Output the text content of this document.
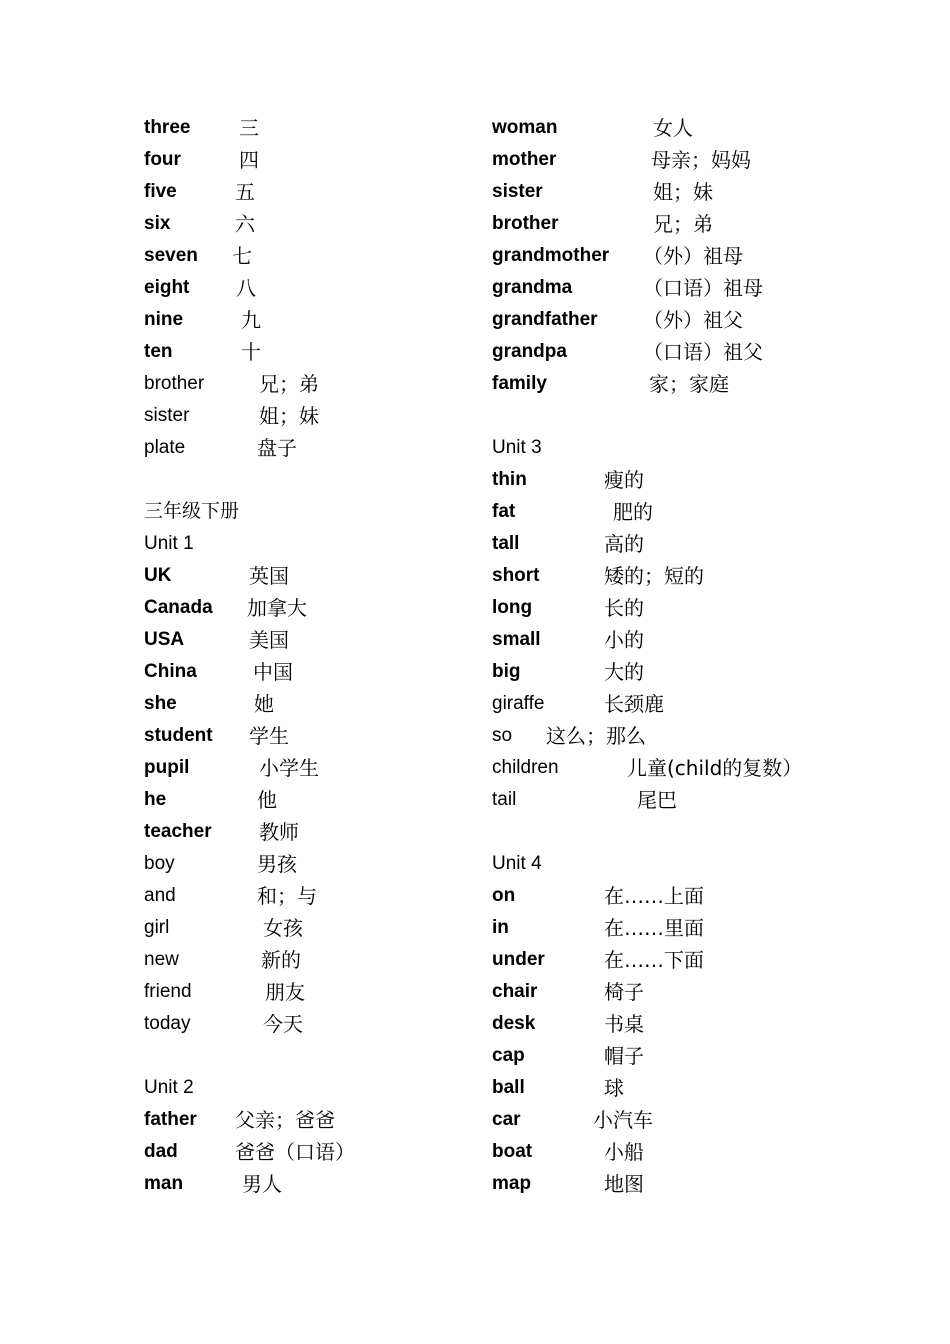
three 三
four	四
five	五
six	六
seven 七
eight 八
nine	九
ten	十
brother	兄；弟
sister	姐；妹
plate	盘子
三年级下册
Unit 1
UK	英国
Canada 加拿大
USA	美国
China	中国
she	她
student 学生
pupil	小学生
he	他
teacher 教师
boy	男孩
and	和；与
girl	女孩
new	新的
friend	朋友
today	今天
Unit 2
father 父亲；爸爸
dad	爸爸（口语）
man	男人
woman	女人
mother	母亲；妈妈
sister	姐；妹
brother	兄；弟
grandmother （外）祖母
grandma	（口语）祖母
grandfather （外）祖父
grandpa	（口语）祖父
family	家；家庭
Unit 3
thin	瘦的
fat	肥的
tall	高的
short	矮的；短的
long	长的
small	小的
big	大的
giraffe	长颈鹿
so 这么；那么
children	儿童(child的复数）
tail	尾巴
Unit 4
on	在……上面
in	在……里面
under	在……下面
chair	椅子
desk	书桌
cap	帽子
ball	球
car	小汽车
boat	小船
map	地图
